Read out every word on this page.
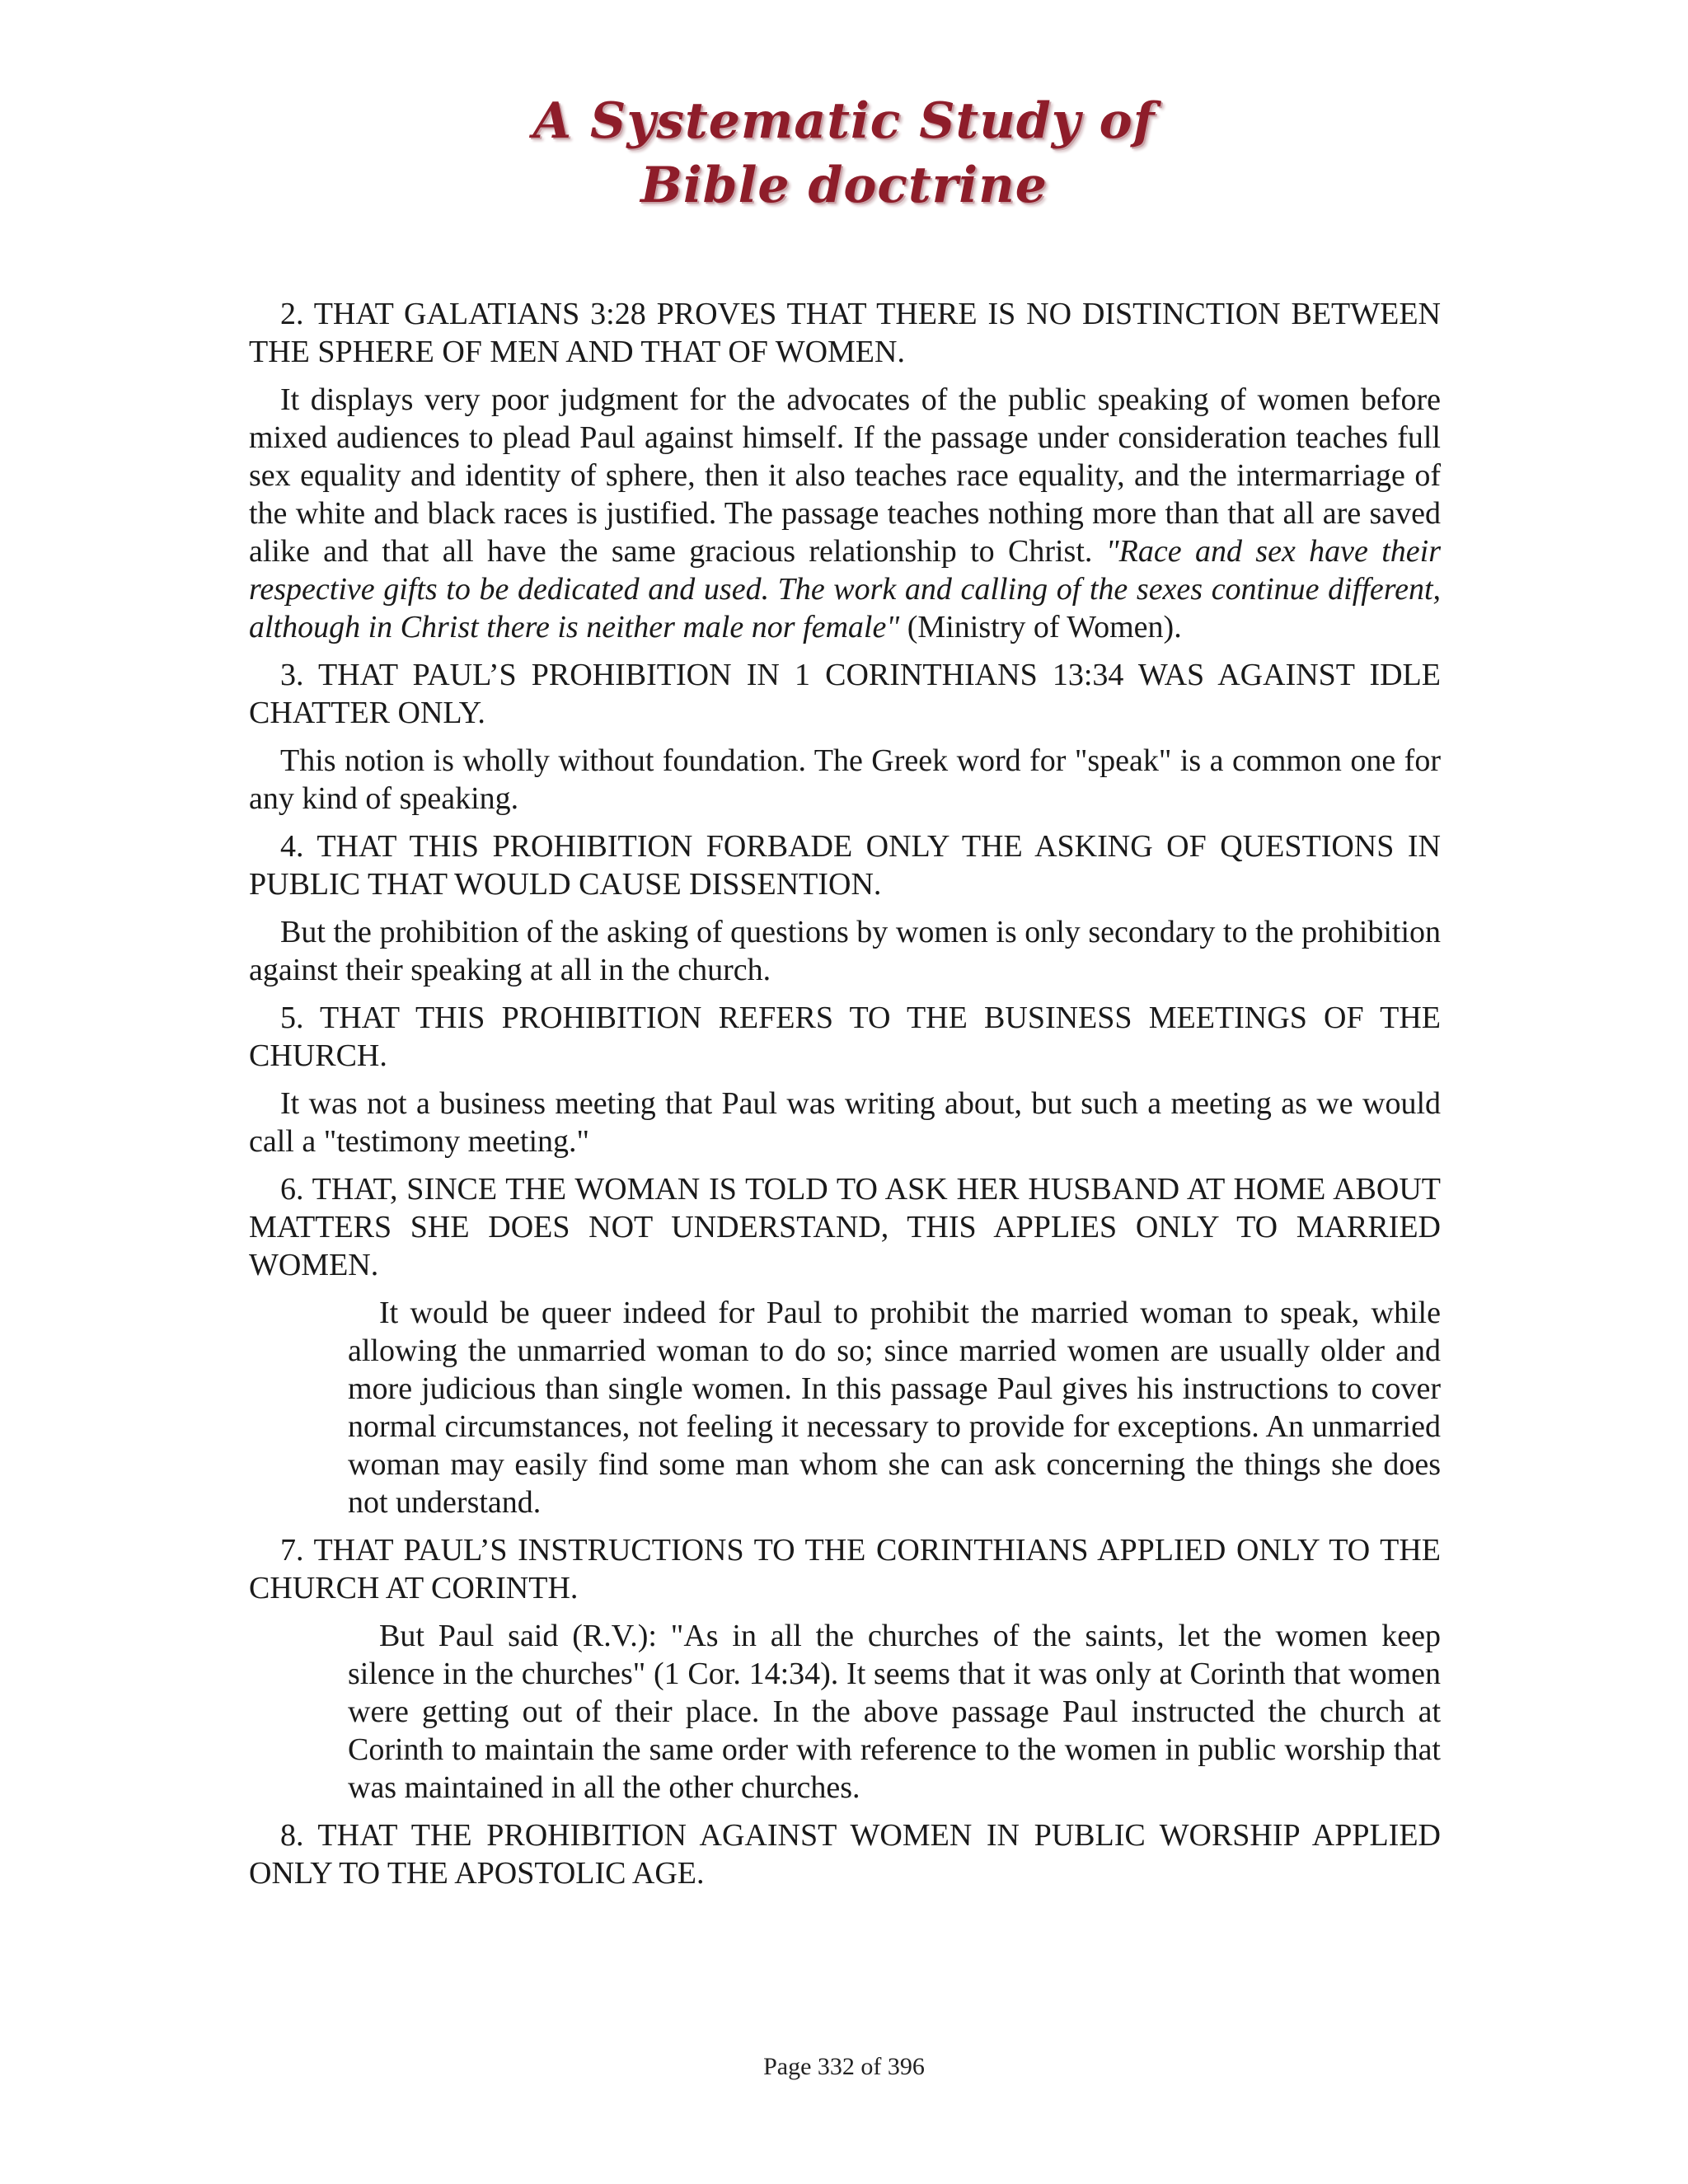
A Systematic Study of
Bible doctrine

2. THAT GALATIANS 3:28 PROVES THAT THERE IS NO DISTINCTION BETWEEN THE SPHERE OF MEN AND THAT OF WOMEN.

It displays very poor judgment for the advocates of the public speaking of women before mixed audiences to plead Paul against himself. If the passage under consideration teaches full sex equality and identity of sphere, then it also teaches race equality, and the intermarriage of the white and black races is justified. The passage teaches nothing more than that all are saved alike and that all have the same gracious relationship to Christ. "Race and sex have their respective gifts to be dedicated and used. The work and calling of the sexes continue different, although in Christ there is neither male nor female" (Ministry of Women).

3. THAT PAUL’S PROHIBITION IN 1 CORINTHIANS 13:34 WAS AGAINST IDLE CHATTER ONLY.

This notion is wholly without foundation. The Greek word for "speak" is a common one for any kind of speaking.

4. THAT THIS PROHIBITION FORBADE ONLY THE ASKING OF QUESTIONS IN PUBLIC THAT WOULD CAUSE DISSENTION.

But the prohibition of the asking of questions by women is only secondary to the prohibition against their speaking at all in the church.

5. THAT THIS PROHIBITION REFERS TO THE BUSINESS MEETINGS OF THE CHURCH.

It was not a business meeting that Paul was writing about, but such a meeting as we would call a "testimony meeting."

6. THAT, SINCE THE WOMAN IS TOLD TO ASK HER HUSBAND AT HOME ABOUT MATTERS SHE DOES NOT UNDERSTAND, THIS APPLIES ONLY TO MARRIED WOMEN.

It would be queer indeed for Paul to prohibit the married woman to speak, while allowing the unmarried woman to do so; since married women are usually older and more judicious than single women. In this passage Paul gives his instructions to cover normal circumstances, not feeling it necessary to provide for exceptions. An unmarried woman may easily find some man whom she can ask concerning the things she does not understand.

7. THAT PAUL’S INSTRUCTIONS TO THE CORINTHIANS APPLIED ONLY TO THE CHURCH AT CORINTH.

But Paul said (R.V.): "As in all the churches of the saints, let the women keep silence in the churches" (1 Cor. 14:34). It seems that it was only at Corinth that women were getting out of their place. In the above passage Paul instructed the church at Corinth to maintain the same order with reference to the women in public worship that was maintained in all the other churches.

8. THAT THE PROHIBITION AGAINST WOMEN IN PUBLIC WORSHIP APPLIED ONLY TO THE APOSTOLIC AGE.

Page 332 of 396
